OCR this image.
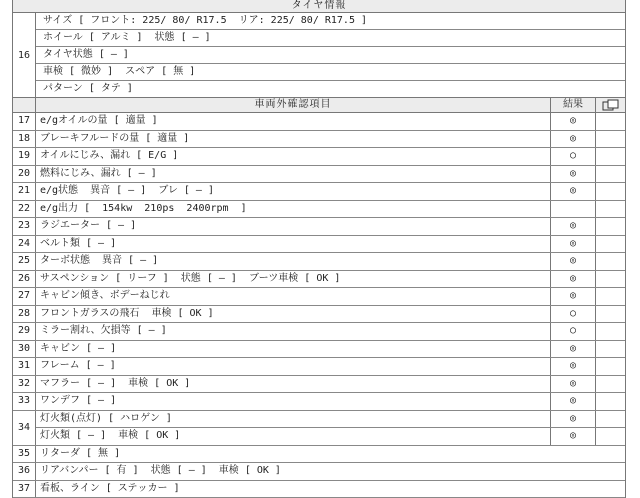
タイヤ情報
16
サイズ [ フロント: 225/ 80/ R17.5  リア: 225/ 80/ R17.5 ]
ホイール [ アルミ ]  状態 [ ― ]
タイヤ状態 [ ― ]
車検 [ 微妙 ]  スペア [ 無 ]
パターン [ タテ ]
車両外確認項目	結果
17 e/gオイルの量 [ 適量 ]	◎
18 ブレーキフルードの量 [ 適量 ]	◎
19 オイルにじみ、漏れ [ E/G ]	○
20 燃料にじみ、漏れ [ ― ]	◎
21 e/g状態  異音 [ ― ]  ブレ [ ― ]	◎
22 e/g出力 [  154kw  210ps  2400rpm  ]
23 ラジエーター [ ― ]	◎
24 ベルト類 [ ― ]	◎
25 ターボ状態  異音 [ ― ]	◎
26 サスペンション [ リーフ ]  状態 [ ― ]  ブーツ車検 [ OK ]	◎
27 キャビン傾き、ボデーねじれ	◎
28 フロントガラスの飛石  車検 [ OK ]	○
29 ミラー割れ、欠損等 [ ― ]	○
30 キャビン [ ― ]	◎
31 フレーム [ ― ]	◎
32 マフラー [ ― ]  車検 [ OK ]	◎
33 ワンデフ [ ― ]	◎
34
灯火類(点灯) [ ハロゲン ]	◎
灯火類 [ ― ]  車検 [ OK ]	◎
35 リターダ [ 無 ]
36 リアバンパー [ 有 ]  状態 [ ― ]  車検 [ OK ]
37 看板、ライン [ ステッカー ]
